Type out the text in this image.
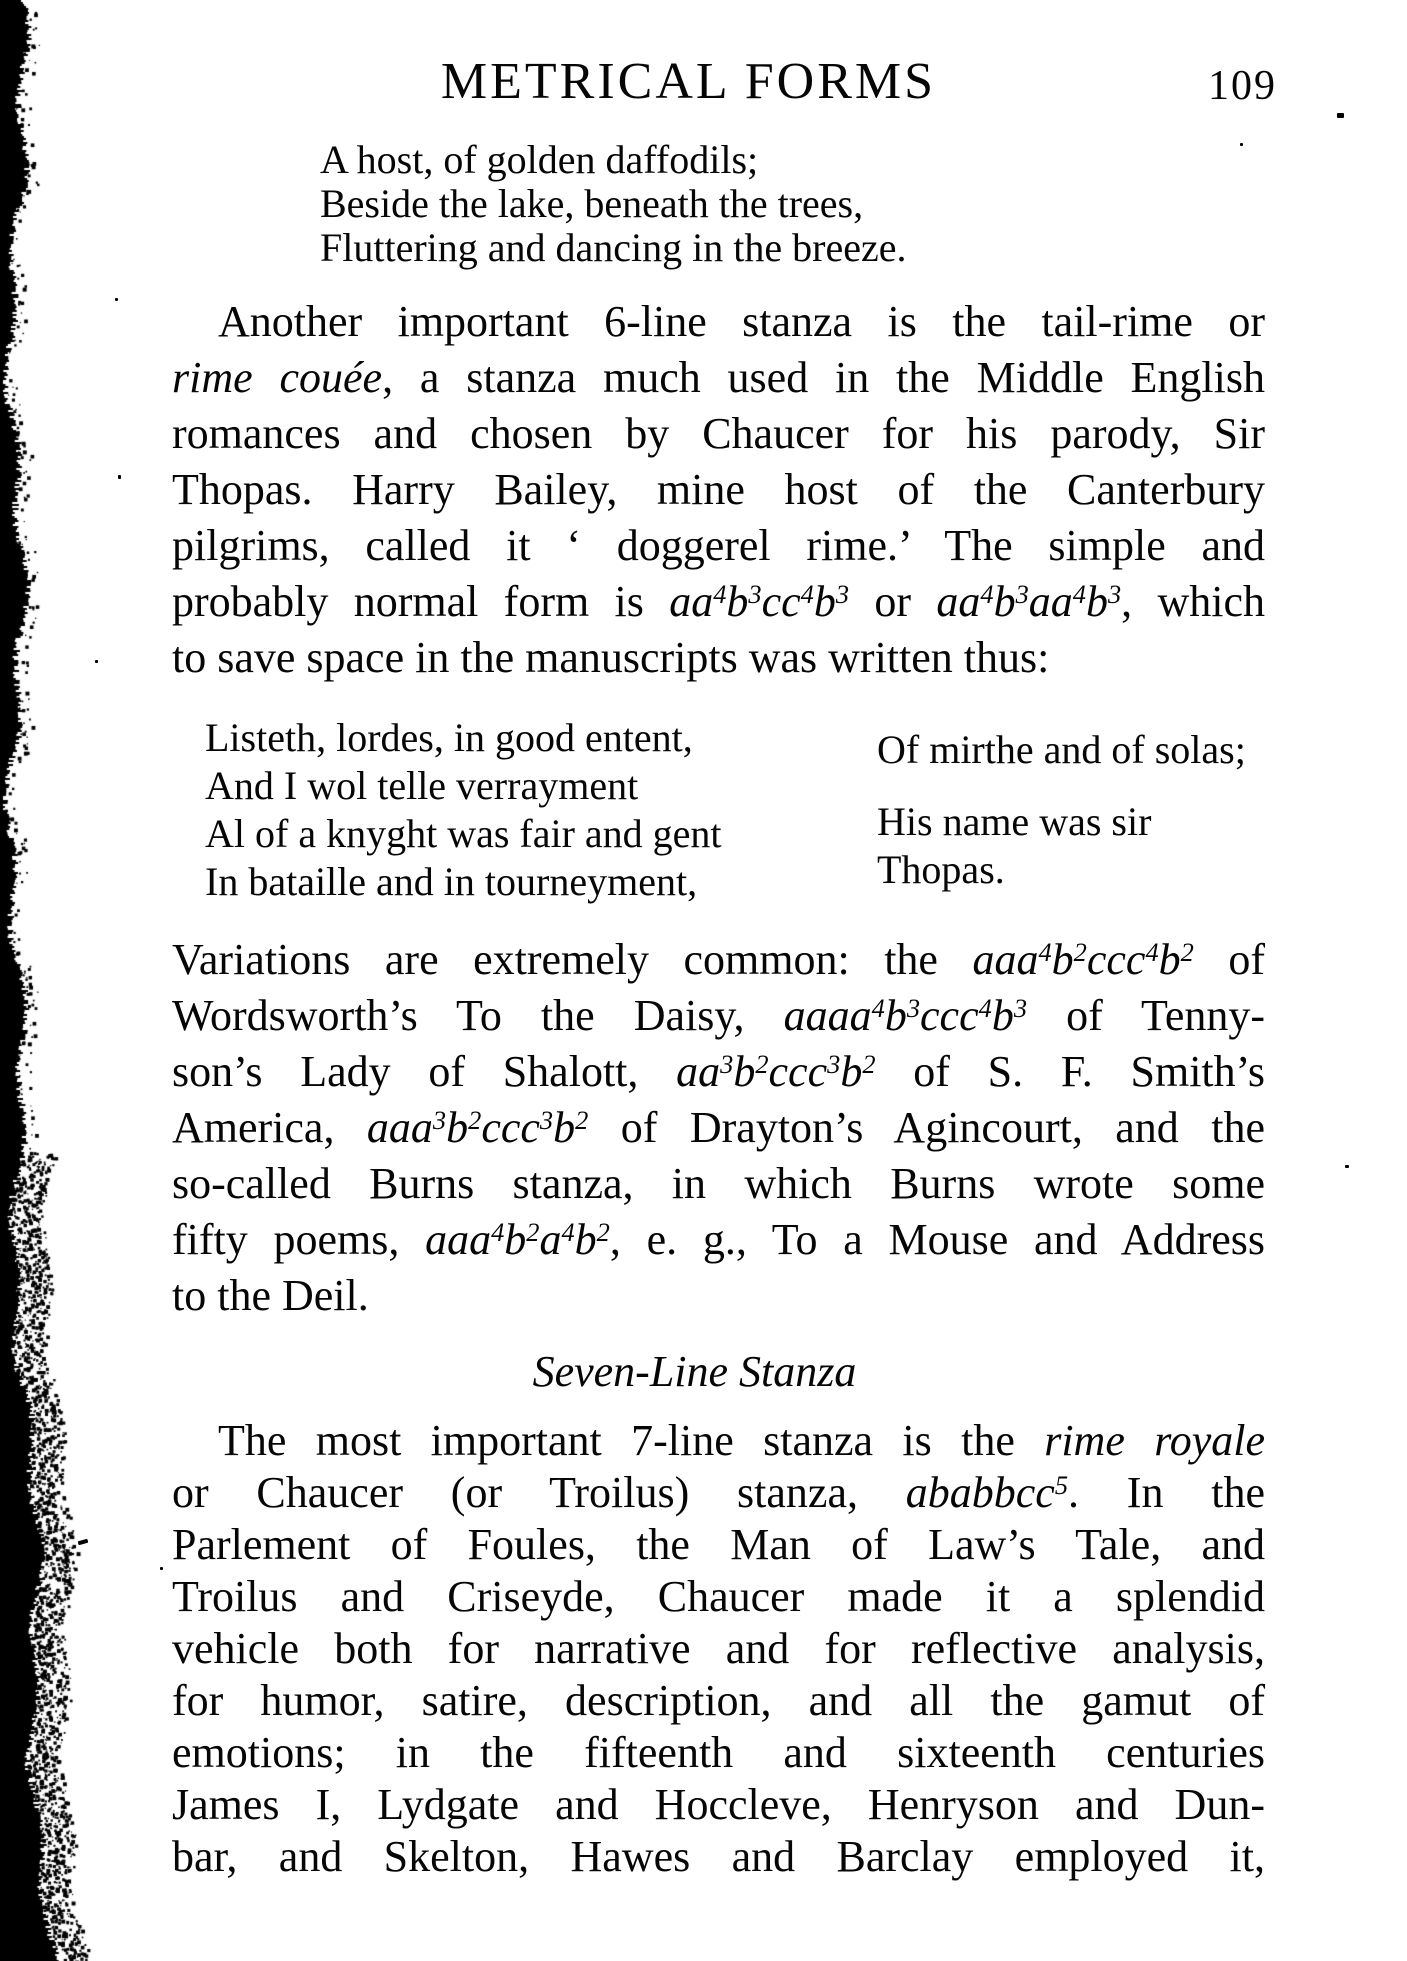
METRICAL FORMS	109
A host, of golden daffodils;
Beside the lake, beneath the trees,
Fluttering and dancing in the breeze.
Another important 6-line stanza is the tail-rime or
rime couée, a stanza much used in the Middle English
romances and chosen by Chaucer for his parody, Sir
Thopas. Harry Bailey, mine host of the Canterbury
pilgrims, called it ‘ doggerel rime.’ The simple and
probably normal form is $aa^4b^3cc^4b^3$ or $aa^4b^3aa^4b^3$, which
to save space in the manuscripts was written thus:
Listeth, lordes, in good entent,
And I wol telle verrayment
Al of a knyght was fair and gent
In bataille and in tourneyment,
Of mirthe and of solas;
His name was sir Thopas.
Variations are extremely common: the $aaa^4b^2ccc^4b^2$ of
Wordsworth’s To the Daisy, $aaaa^4b^3ccc^4b^3$ of Tenny-
son’s Lady of Shalott, $aa^3b^2ccc^3b^2$ of S. F. Smith’s
America, $aaa^3b^2ccc^3b^2$ of Drayton’s Agincourt, and the
so-called Burns stanza, in which Burns wrote some
fifty poems, $aaa^4b^2a^4b^2$, e. g., To a Mouse and Address
to the Deil.
Seven-Line Stanza
The most important 7-line stanza is the rime royale
or Chaucer (or Troilus) stanza, ababbcc$^5$. In the
Parlement of Foules, the Man of Law’s Tale, and
Troilus and Criseyde, Chaucer made it a splendid
vehicle both for narrative and for reflective analysis,
for humor, satire, description, and all the gamut of
emotions; in the fifteenth and sixteenth centuries
James I, Lydgate and Hoccleve, Henryson and Dun-
bar, and Skelton, Hawes and Barclay employed it,
